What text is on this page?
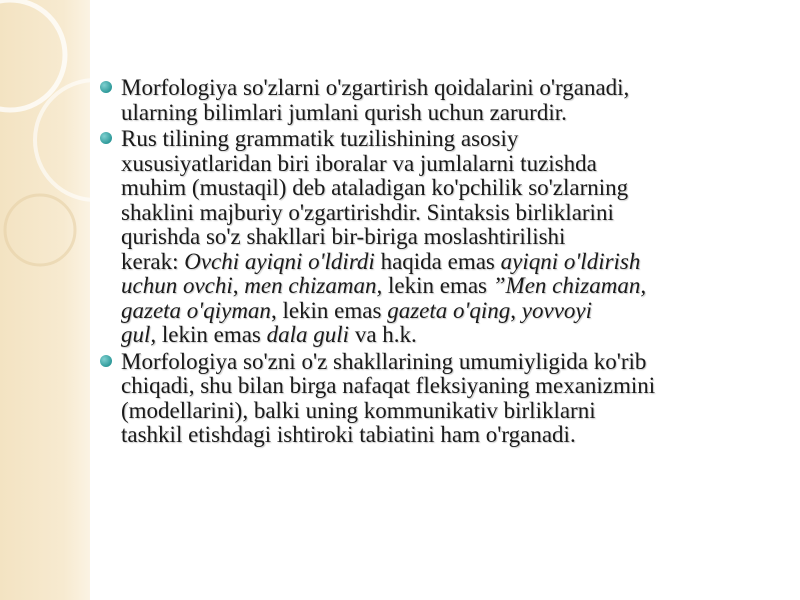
Morfologiya so'zlarni o'zgartirish qoidalarini o'rganadi,
ularning bilimlari jumlani qurish uchun zarurdir.
Rus tilining grammatik tuzilishining asosiy
xususiyatlaridan biri iboralar va jumlalarni tuzishda
muhim (mustaqil) deb ataladigan ko'pchilik so'zlarning
shaklini majburiy o'zgartirishdir. Sintaksis birliklarini
qurishda so'z shakllari bir-biriga moslashtirilishi
kerak: Ovchi ayiqni o'ldirdi haqida emas ayiqni o'ldirish
uchun ovchi, men chizaman, lekin emas ”Men chizaman,
gazeta o'qiyman, lekin emas gazeta o'qing, yovvoyi
gul, lekin emas dala guli va h.k.
Morfologiya so'zni o'z shakllarining umumiyligida ko'rib
chiqadi, shu bilan birga nafaqat fleksiyaning mexanizmini
(modellarini), balki uning kommunikativ birliklarni
tashkil etishdagi ishtiroki tabiatini ham o'rganadi.
